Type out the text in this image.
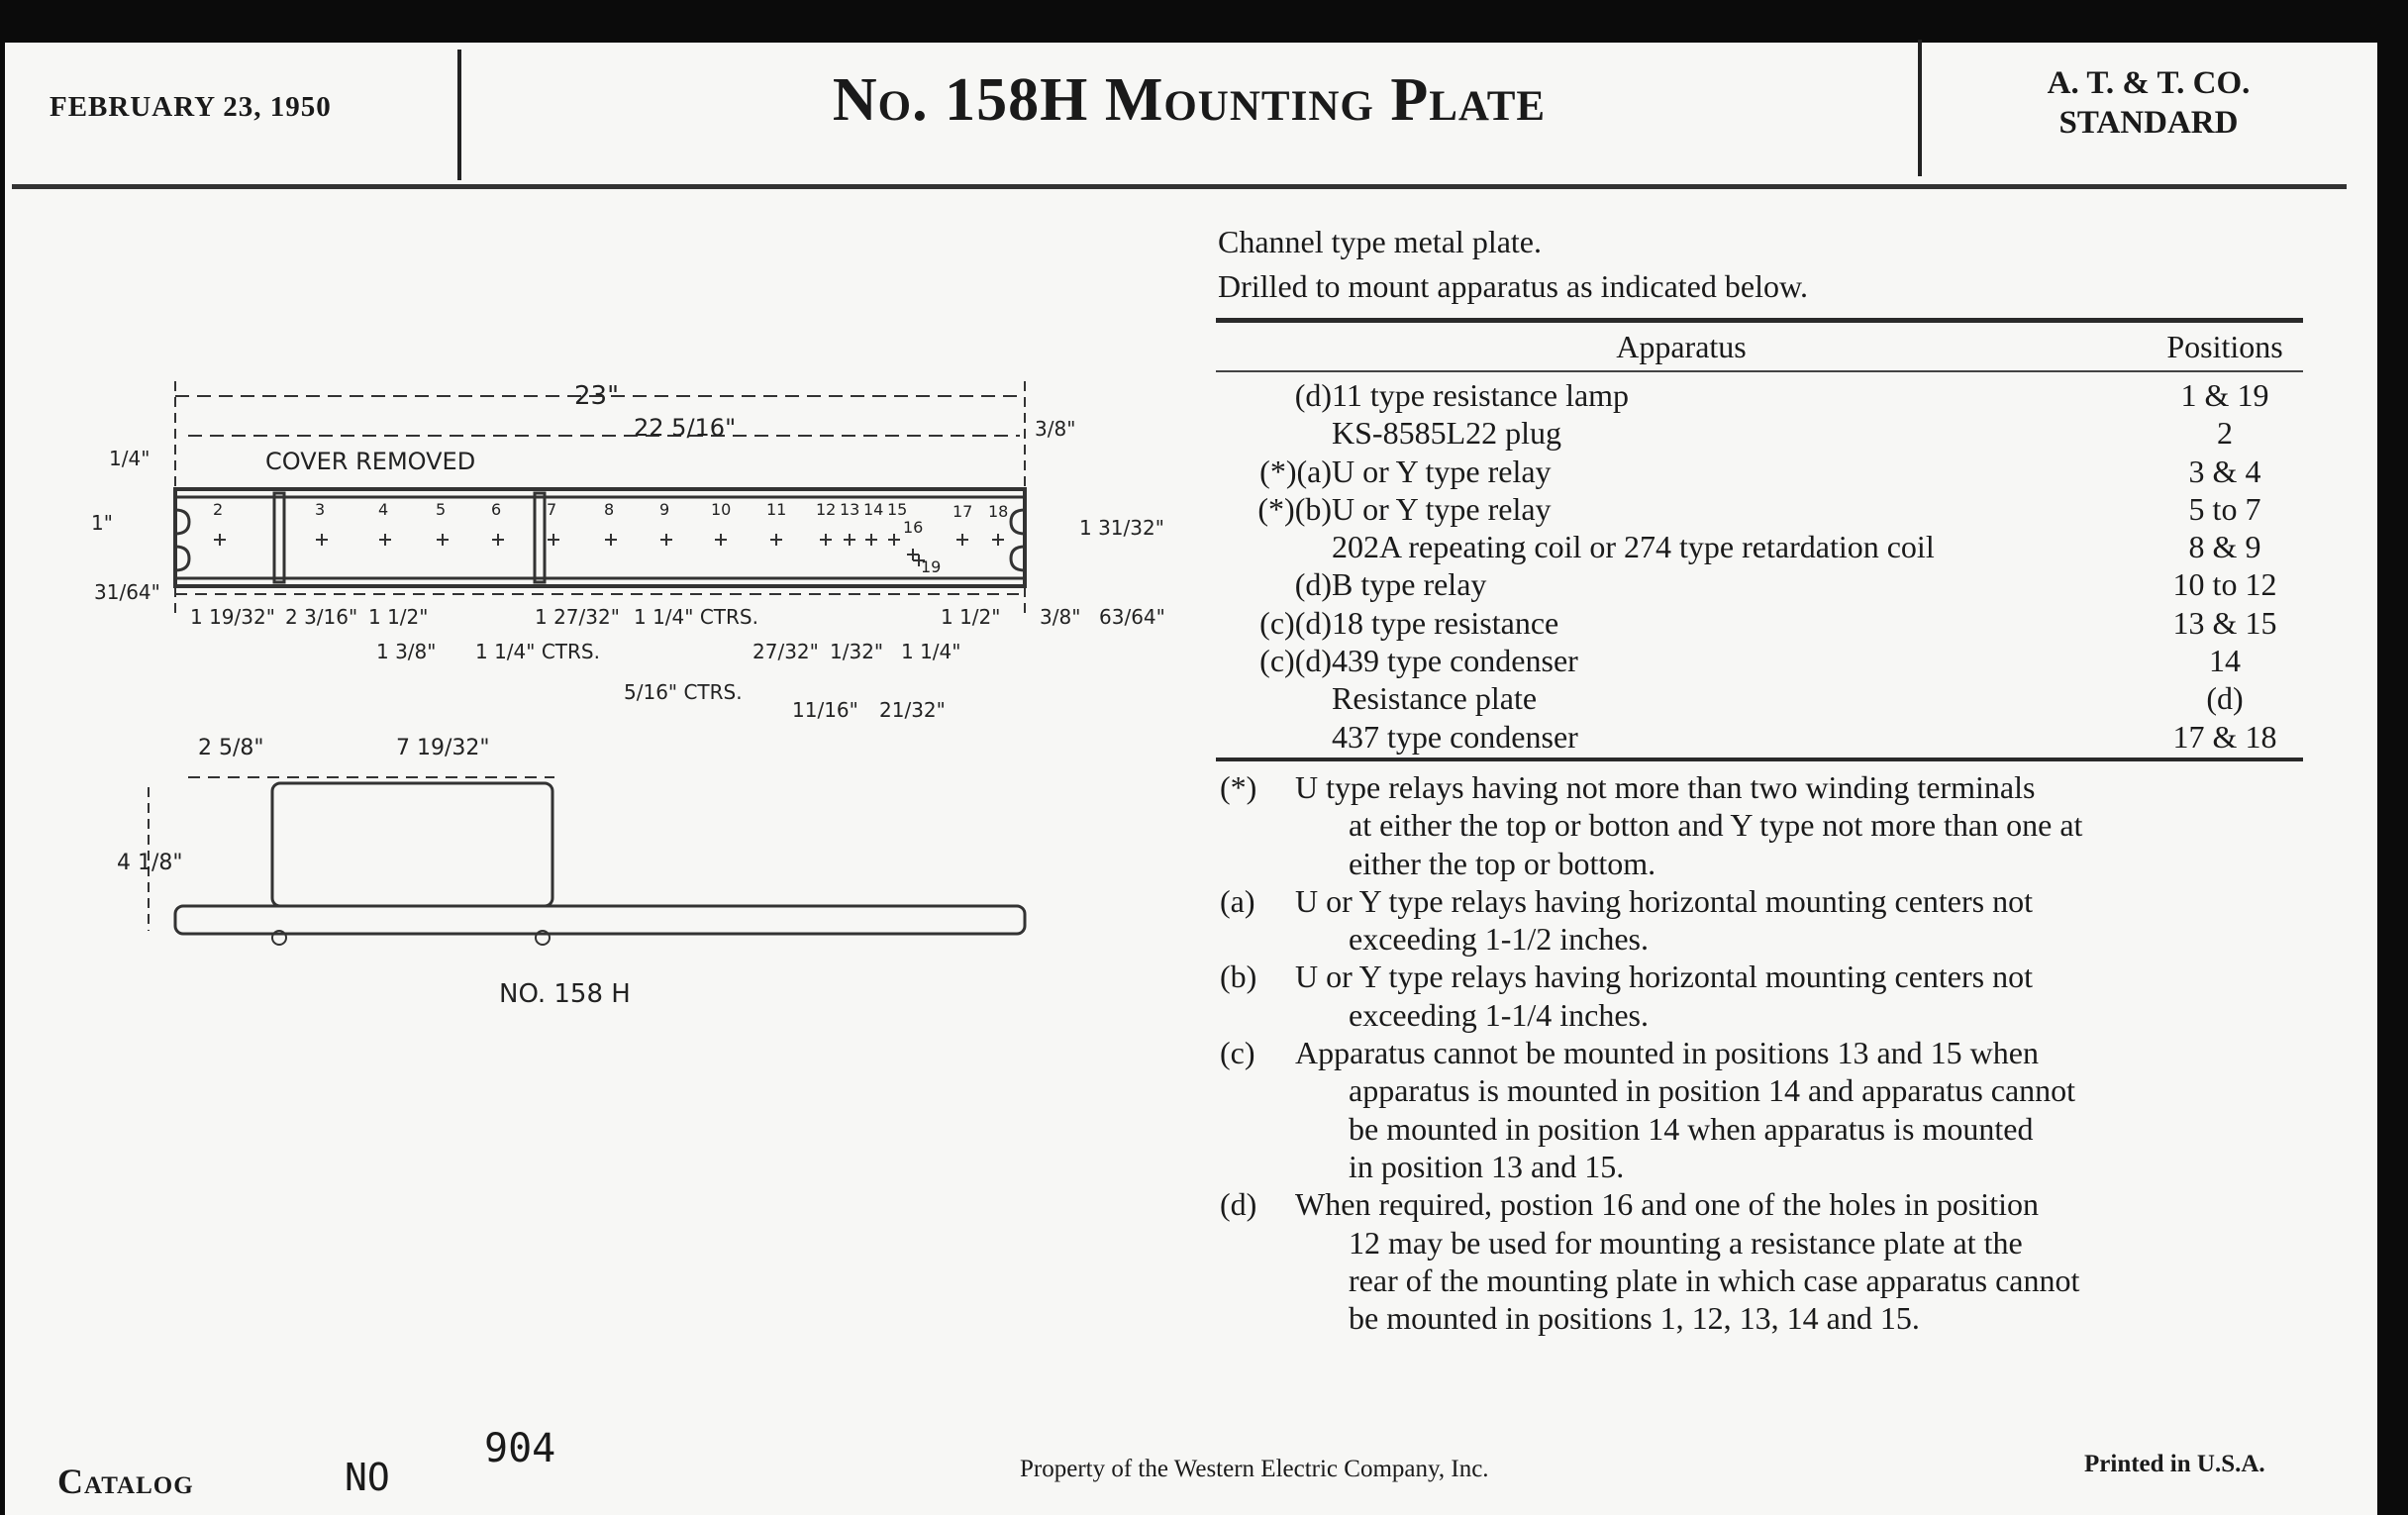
FEBRUARY 23, 1950	No. 158H Mounting Plate	A. T. & T. CO.
STANDARD
Channel type metal plate.
Drilled to mount apparatus as indicated below.
Apparatus	Positions
(d) 11 type resistance lamp	1 & 19
KS-8585L22 plug	2
(*)(a) U or Y type relay	3 & 4
(*)(b) U or Y type relay	5 to 7
202A repeating coil or 274 type retardation coil	8 & 9
(d) B type relay	10 to 12
(c)(d) 18 type resistance	13 & 15
(c)(d) 439 type condenser	14
Resistance plate	(d)
437 type condenser	17 & 18
(*)	U type relays having not more than two winding terminals
at either the top or botton and Y type not more than one at
either the top or bottom.
(a)	U or Y type relays having horizontal mounting centers not
exceeding 1-1/2 inches.
(b)	U or Y type relays having horizontal mounting centers not
exceeding 1-1/4 inches.
(c)	Apparatus cannot be mounted in positions 13 and 15 when
apparatus is mounted in position 14 and apparatus cannot
be mounted in position 14 when apparatus is mounted
in position 13 and 15.
(d)	When required, postion 16 and one of the holes in position
12 may be used for mounting a resistance plate at the
rear of the mounting plate in which case apparatus cannot
be mounted in positions 1, 12, 13, 14 and 15.
2	3	4	5	6	7	8	9	10 11 12 13 14 15
16
17 18
19
COVER REMOVED
23"
22 5/16"	3/8"
1/4"
1"	1 31/32"
31/64"
1 19/32" 2 3/16" 1 1/2"	1 27/32" 1 1/4" CTRS.	1 1/2" 3/8" 63/64"
1 3/8" 1 1/4" CTRS.	27/32" 1/32" 1 1/4"
5/16" CTRS.
11/16" 21/32"
2 5/8"	7 19/32"
4 1/8"
NO. 158 H
Catalog	NO
904	Property of the Western Electric Company, Inc.	Printed in U.S.A.
